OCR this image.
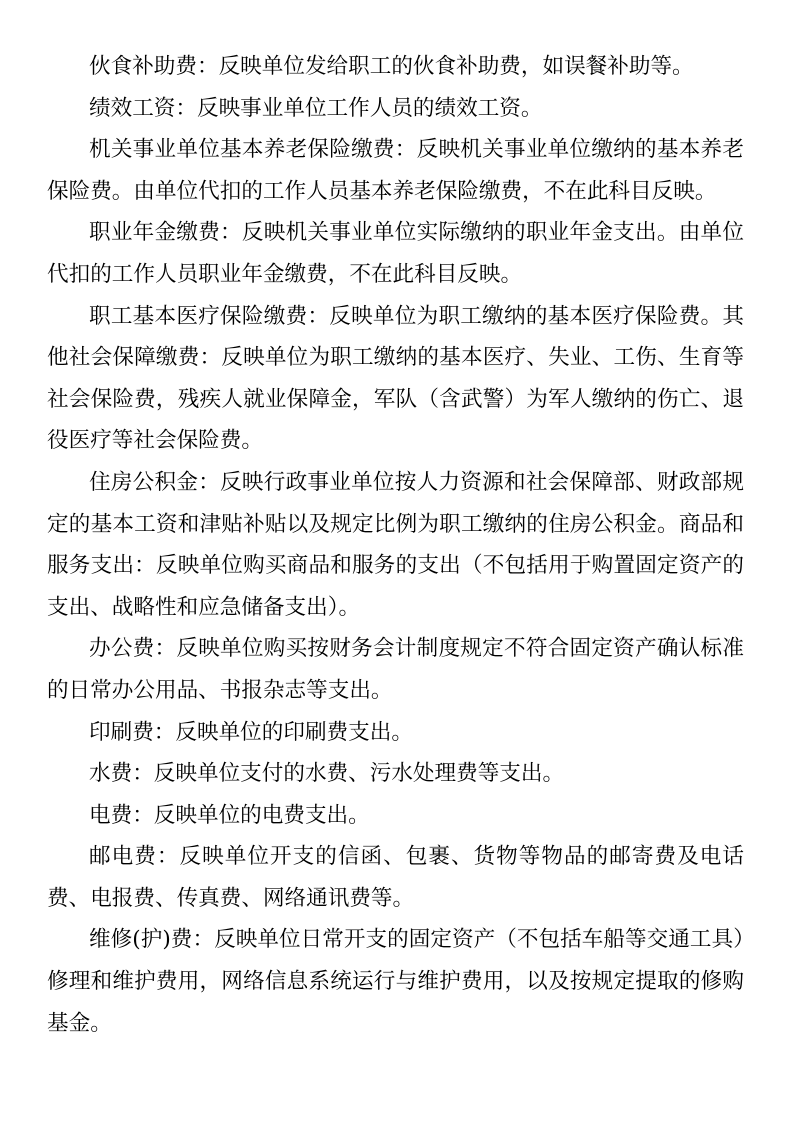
伙食补助费：反映单位发给职工的伙食补助费，如误餐补助等。

绩效工资：反映事业单位工作人员的绩效工资。

机关事业单位基本养老保险缴费：反映机关事业单位缴纳的基本养老保险费。由单位代扣的工作人员基本养老保险缴费，不在此科目反映。

职业年金缴费：反映机关事业单位实际缴纳的职业年金支出。由单位代扣的工作人员职业年金缴费，不在此科目反映。

职工基本医疗保险缴费：反映单位为职工缴纳的基本医疗保险费。其他社会保障缴费：反映单位为职工缴纳的基本医疗、失业、工伤、生育等社会保险费，残疾人就业保障金，军队（含武警）为军人缴纳的伤亡、退役医疗等社会保险费。

住房公积金：反映行政事业单位按人力资源和社会保障部、财政部规定的基本工资和津贴补贴以及规定比例为职工缴纳的住房公积金。商品和服务支出：反映单位购买商品和服务的支出（不包括用于购置固定资产的支出、战略性和应急储备支出）。

办公费：反映单位购买按财务会计制度规定不符合固定资产确认标准的日常办公用品、书报杂志等支出。

印刷费：反映单位的印刷费支出。

水费：反映单位支付的水费、污水处理费等支出。

电费：反映单位的电费支出。

邮电费：反映单位开支的信函、包裹、货物等物品的邮寄费及电话费、电报费、传真费、网络通讯费等。

维修(护)费：反映单位日常开支的固定资产（不包括车船等交通工具）修理和维护费用，网络信息系统运行与维护费用，以及按规定提取的修购基金。
